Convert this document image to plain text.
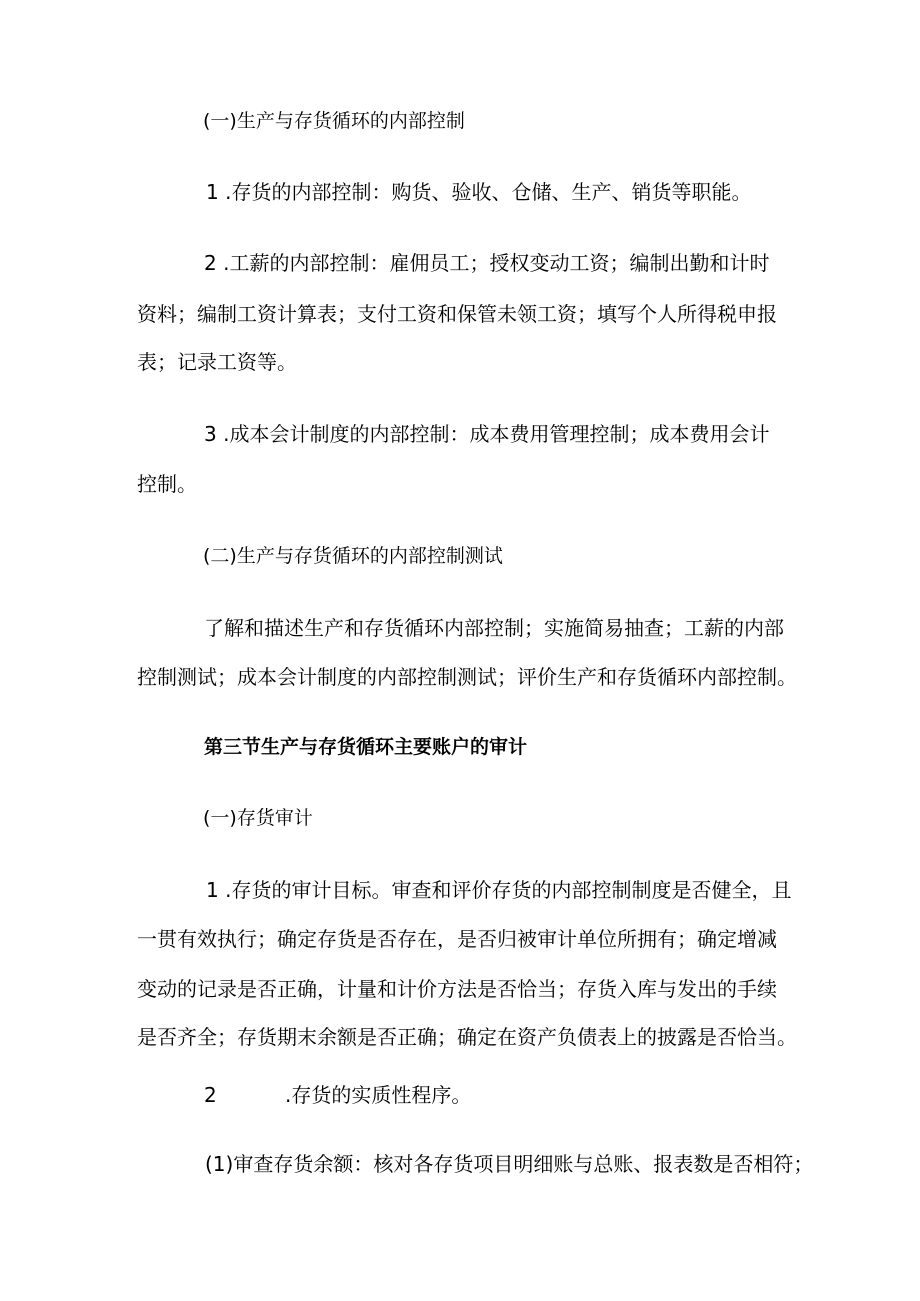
(一)生产与存货循环的内部控制

1 .存货的内部控制：购货、验收、仓储、生产、销货等职能。

2 .工薪的内部控制：雇佣员工；授权变动工资；编制出勤和计时

资料；编制工资计算表；支付工资和保管未领工资；填写个人所得税申报

表；记录工资等。

3 .成本会计制度的内部控制：成本费用管理控制；成本费用会计

控制。

(二)生产与存货循环的内部控制测试

了解和描述生产和存货循环内部控制；实施简易抽查；工薪的内部

控制测试；成本会计制度的内部控制测试；评价生产和存货循环内部控制。

第三节生产与存货循环主要账户的审计

(一)存货审计

1 .存货的审计目标。审查和评价存货的内部控制制度是否健全，且

一贯有效执行；确定存货是否存在，是否归被审计单位所拥有；确定增减

变动的记录是否正确，计量和计价方法是否恰当；存货入库与发出的手续

是否齐全；存货期末余额是否正确；确定在资产负债表上的披露是否恰当。

2	.存货的实质性程序。

(1)审查存货余额：核对各存货项目明细账与总账、报表数是否相符；
